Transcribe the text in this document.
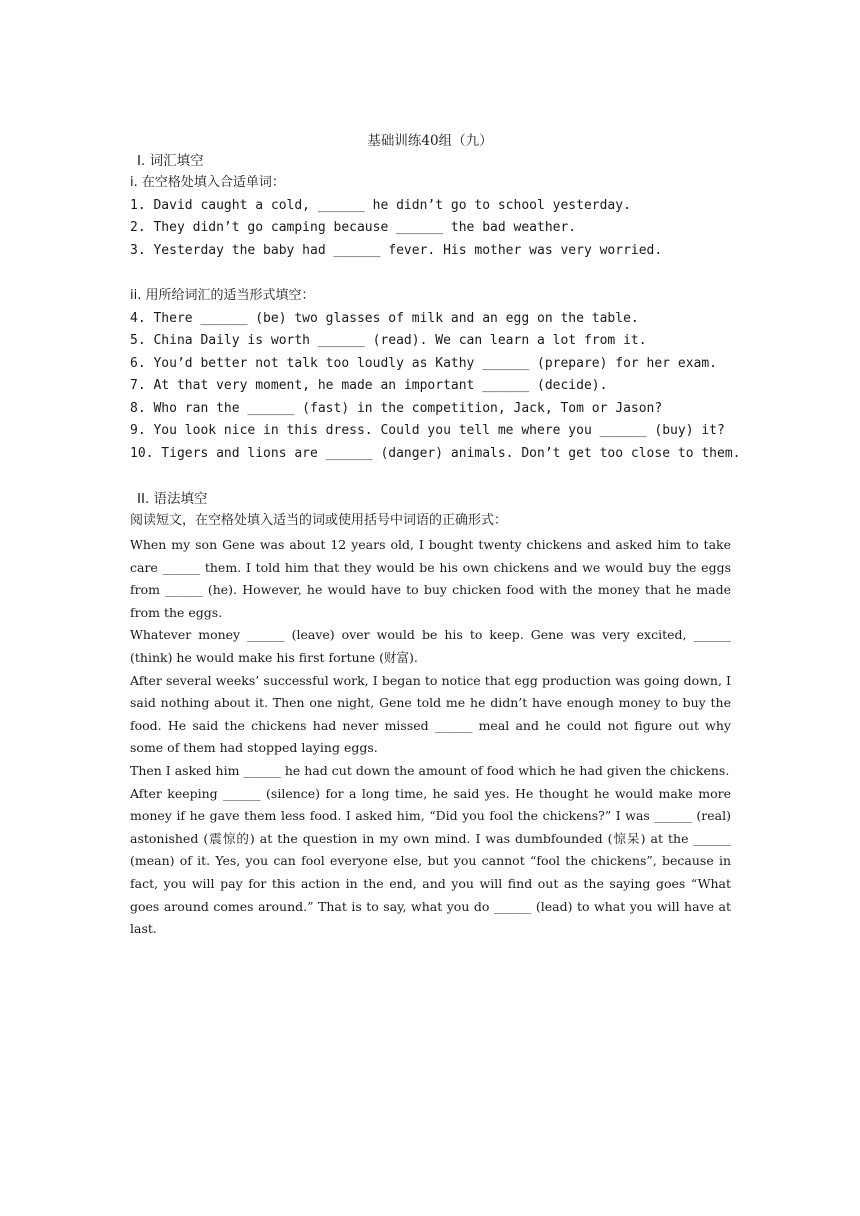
基础训练40组（九）
I. 词汇填空
i. 在空格处填入合适单词：
1. David caught a cold, ______ he didn’t go to school yesterday.
2. They didn’t go camping because ______ the bad weather.
3. Yesterday the baby had ______ fever. His mother was very worried.
ii. 用所给词汇的适当形式填空：
4. There ______ (be) two glasses of milk and an egg on the table.
5. China Daily is worth ______ (read). We can learn a lot from it.
6. You’d better not talk too loudly as Kathy ______ (prepare) for her exam.
7. At that very moment, he made an important ______ (decide).
8. Who ran the ______ (fast) in the competition, Jack, Tom or Jason?
9. You look nice in this dress. Could you tell me where you ______ (buy) it?
10. Tigers and lions are ______ (danger) animals. Don’t get too close to them.
II. 语法填空
阅读短文，在空格处填入适当的词或使用括号中词语的正确形式：

When my son Gene was about 12 years old, I bought twenty chickens and asked him to take care ______ them. I told him that they would be his own chickens and we would buy the eggs from ______ (he). However, he would have to buy chicken food with the money that he made from the eggs.

Whatever money ______ (leave) over would be his to keep. Gene was very excited, ______ (think) he would make his first fortune (财富).

After several weeks’ successful work, I began to notice that egg production was going down, I said nothing about it. Then one night, Gene told me he didn’t have enough money to buy the food. He said the chickens had never missed ______ meal and he could not figure out why some of them had stopped laying eggs.

Then I asked him ______ he had cut down the amount of food which he had given the chickens.

After keeping ______ (silence) for a long time, he said yes. He thought he would make more money if he gave them less food. I asked him, “Did you fool the chickens?” I was ______ (real) astonished (震惊的) at the question in my own mind. I was dumbfounded (惊呆) at the ______ (mean) of it. Yes, you can fool everyone else, but you cannot “fool the chickens”, because in fact, you will pay for this action in the end, and you will find out as the saying goes “What goes around comes around.” That is to say, what you do ______ (lead) to what you will have at last.
